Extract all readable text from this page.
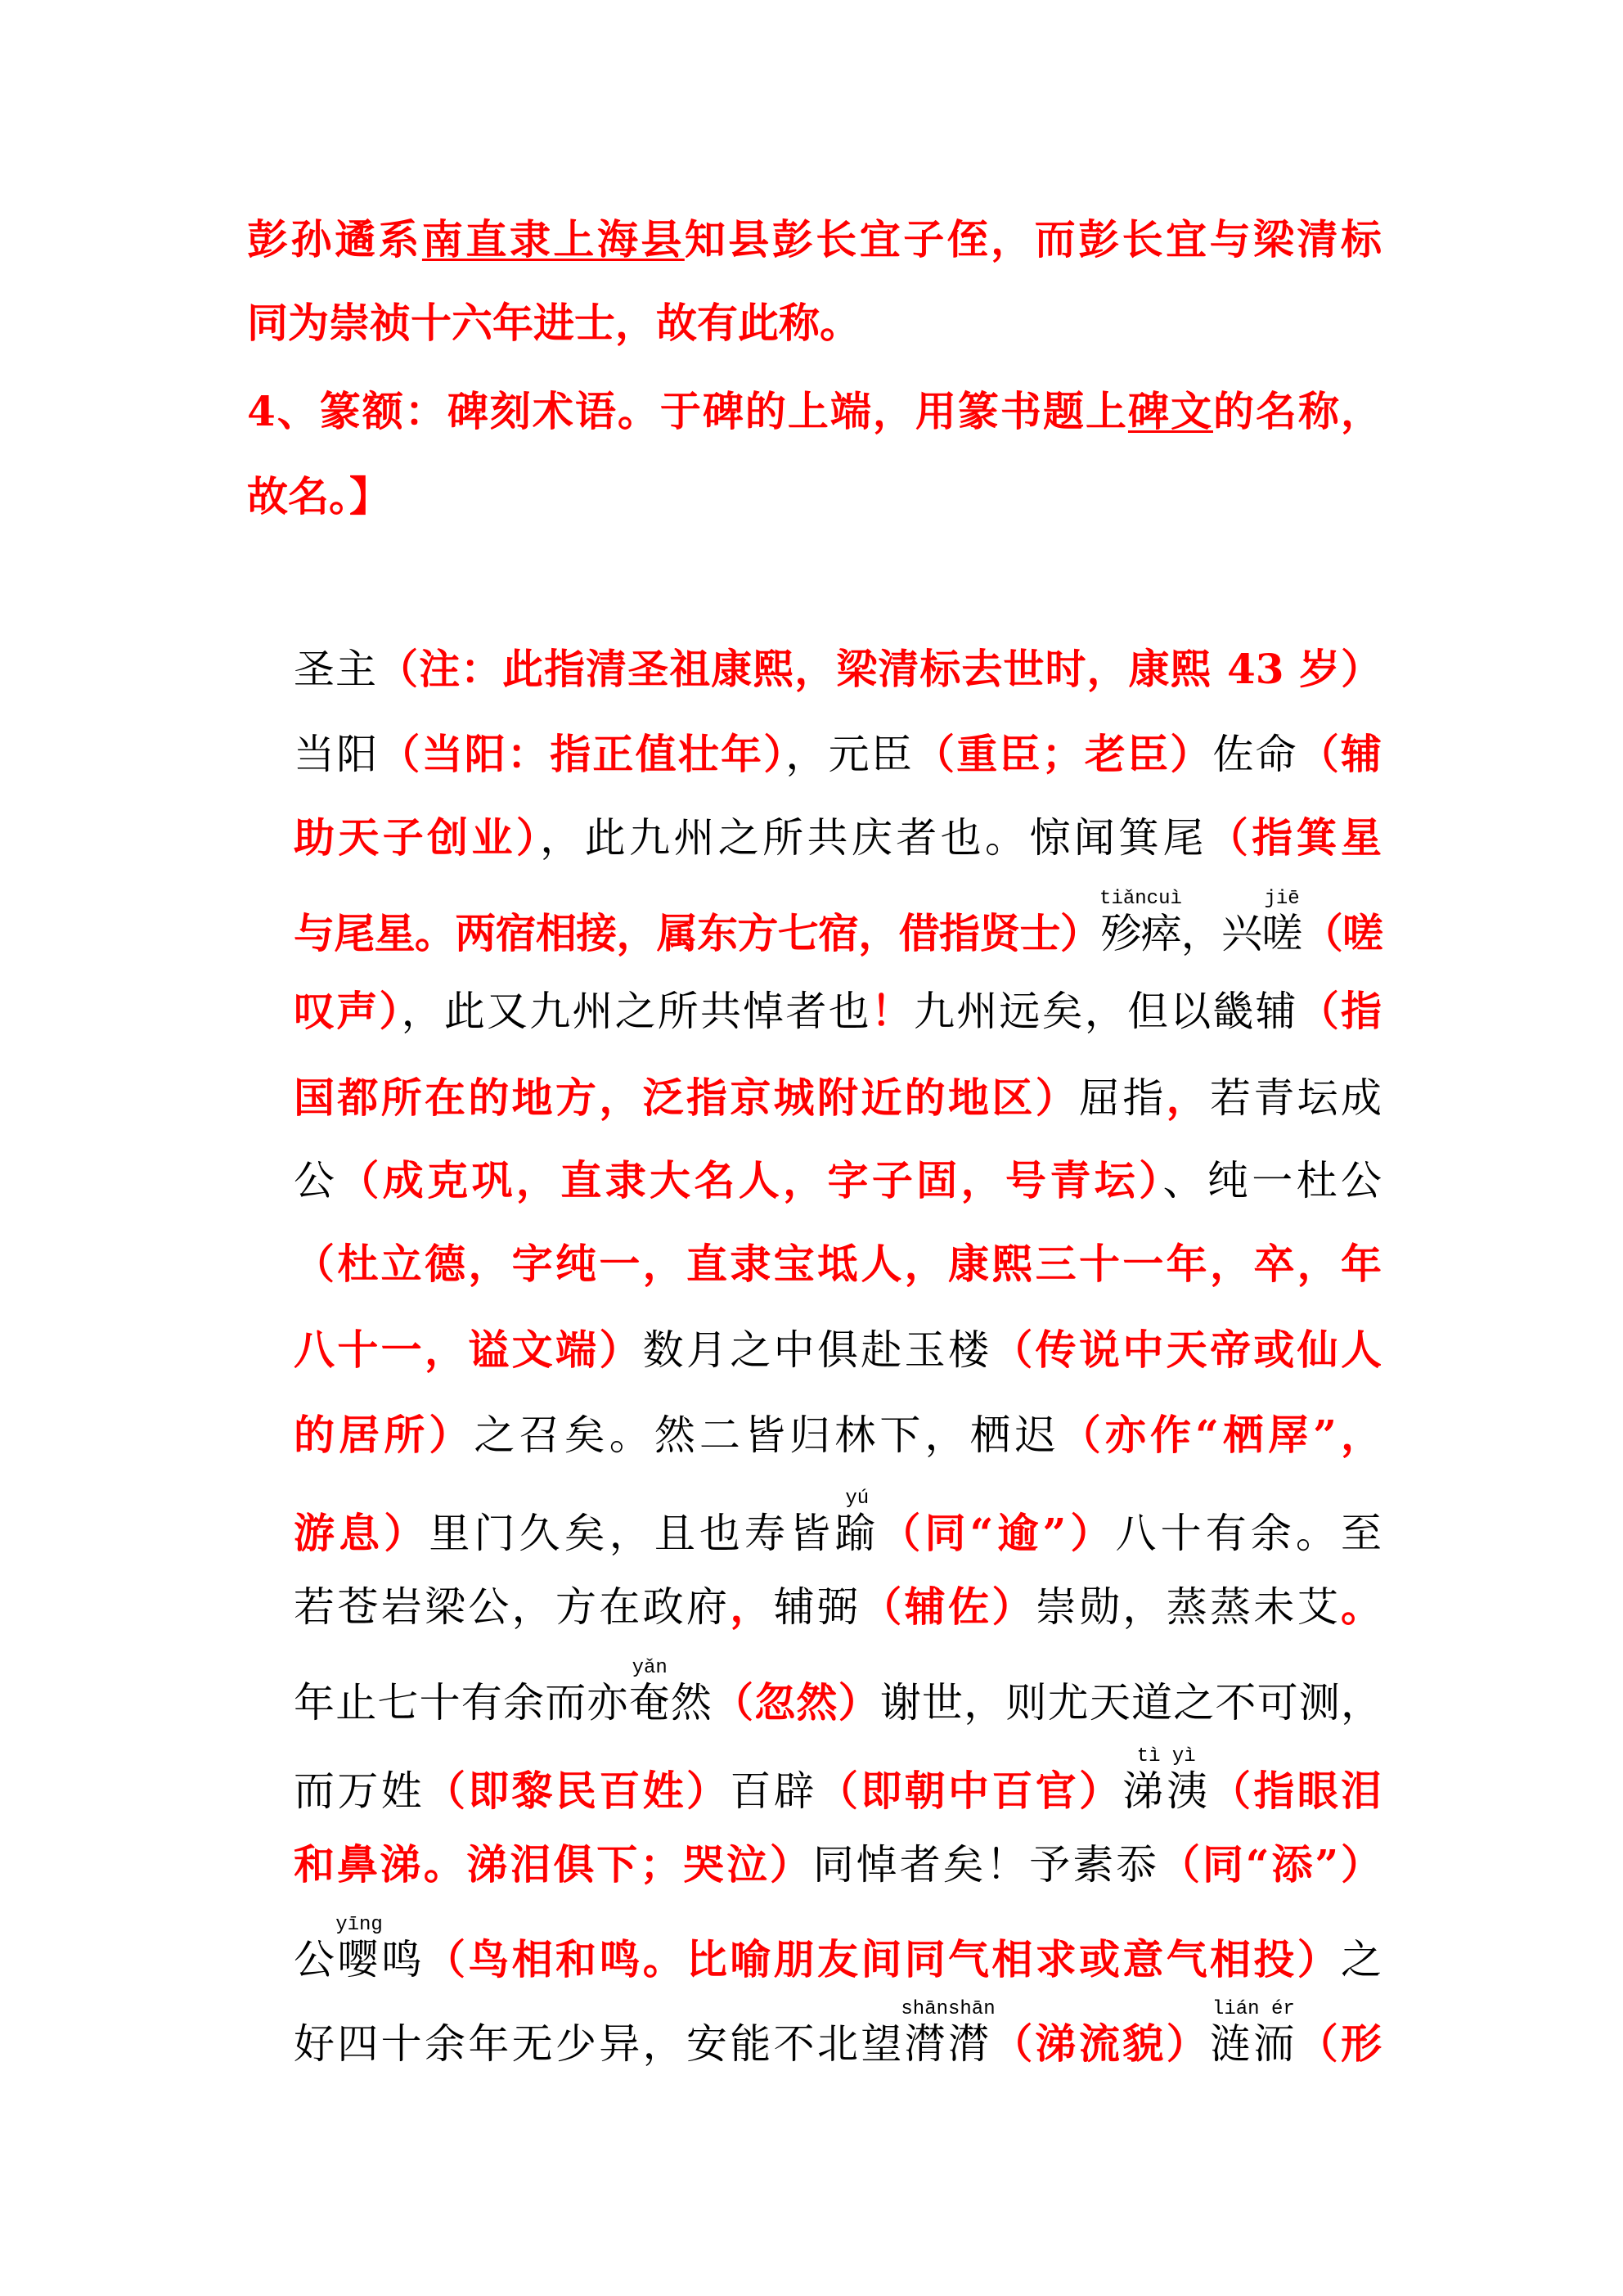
彭孙遹系南直隶上海县知县彭长宜子侄，而彭长宜与梁清标
同为崇祯十六年进士，故有此称。
4、篆额：碑刻术语。于碑的上端，用篆书题上碑文的名称，
故名。】
圣主（注：此指清圣祖康熙，梁清标去世时，康熙 43 岁）
当阳（当阳：指正值壮年），元臣（重臣；老臣）佐命（辅
助天子创业），此九州之所共庆者也。惊闻箕尾（指箕星
与尾星。两宿相接，属东方七宿，借指贤士）
tiǎncuì
殄瘁，兴
jiē
嗟（嗟
叹声），此又九州之所共悼者也！九州远矣，但以畿辅（指
国都所在的地方，泛指京城附近的地区）屈指，若青坛成
公（成克巩，直隶大名人，字子固，号青坛）、纯一杜公
（杜立德，字纯一，直隶宝坻人，康熙三十一年，卒，年
八十一，谥文端）数月之中俱赴玉楼（传说中天帝或仙人
的居所）之召矣。然二皆归林下，栖迟（亦作“栖屖”，
游息）里门久矣，且也寿皆
yú
踰（同“逾”）八十有余。至
若苍岩梁公，方在政府，辅弼（辅佐）崇勋，蒸蒸未艾。
年止七十有余而亦
yǎn
奄然（忽然）谢世，则尤天道之不可测，
而万姓（即黎民百姓）百辟（即朝中百官）
tì yì
涕洟（指眼泪
和鼻涕。涕泪俱下；哭泣）同悼者矣！予素忝（同“添”）
公
yīng
嘤鸣（鸟相和鸣。比喻朋友间同气相求或意气相投）之
好四十余年无少异，安能不北望
shānshān
潸潸（涕流貌）
lián ér
涟洏（形
